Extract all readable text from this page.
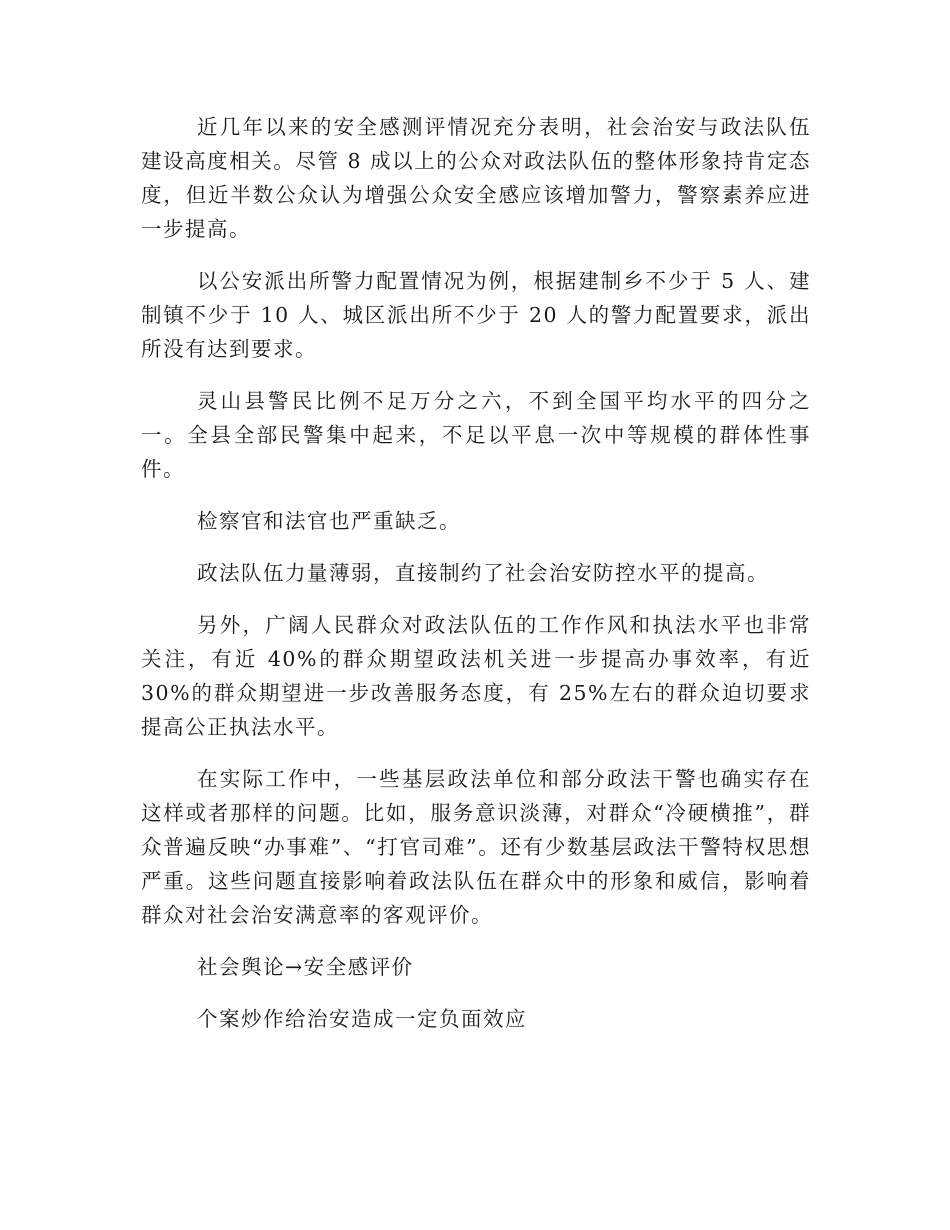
近几年以来的安全感测评情况充分表明，社会治安与政法队伍建设高度相关。尽管 8 成以上的公众对政法队伍的整体形象持肯定态度，但近半数公众认为增强公众安全感应该增加警力，警察素养应进一步提高。

以公安派出所警力配置情况为例，根据建制乡不少于 5 人、建制镇不少于 10 人、城区派出所不少于 20 人的警力配置要求，派出所没有达到要求。

灵山县警民比例不足万分之六，不到全国平均水平的四分之一。全县全部民警集中起来，不足以平息一次中等规模的群体性事件。

检察官和法官也严重缺乏。

政法队伍力量薄弱，直接制约了社会治安防控水平的提高。

另外，广阔人民群众对政法队伍的工作作风和执法水平也非常关注，有近 40%的群众期望政法机关进一步提高办事效率，有近 30%的群众期望进一步改善服务态度，有 25%左右的群众迫切要求提高公正执法水平。

在实际工作中，一些基层政法单位和部分政法干警也确实存在这样或者那样的问题。比如，服务意识淡薄，对群众“冷硬横推”，群众普遍反映“办事难”、“打官司难”。还有少数基层政法干警特权思想严重。这些问题直接影响着政法队伍在群众中的形象和威信，影响着群众对社会治安满意率的客观评价。

社会舆论→安全感评价

个案炒作给治安造成一定负面效应
